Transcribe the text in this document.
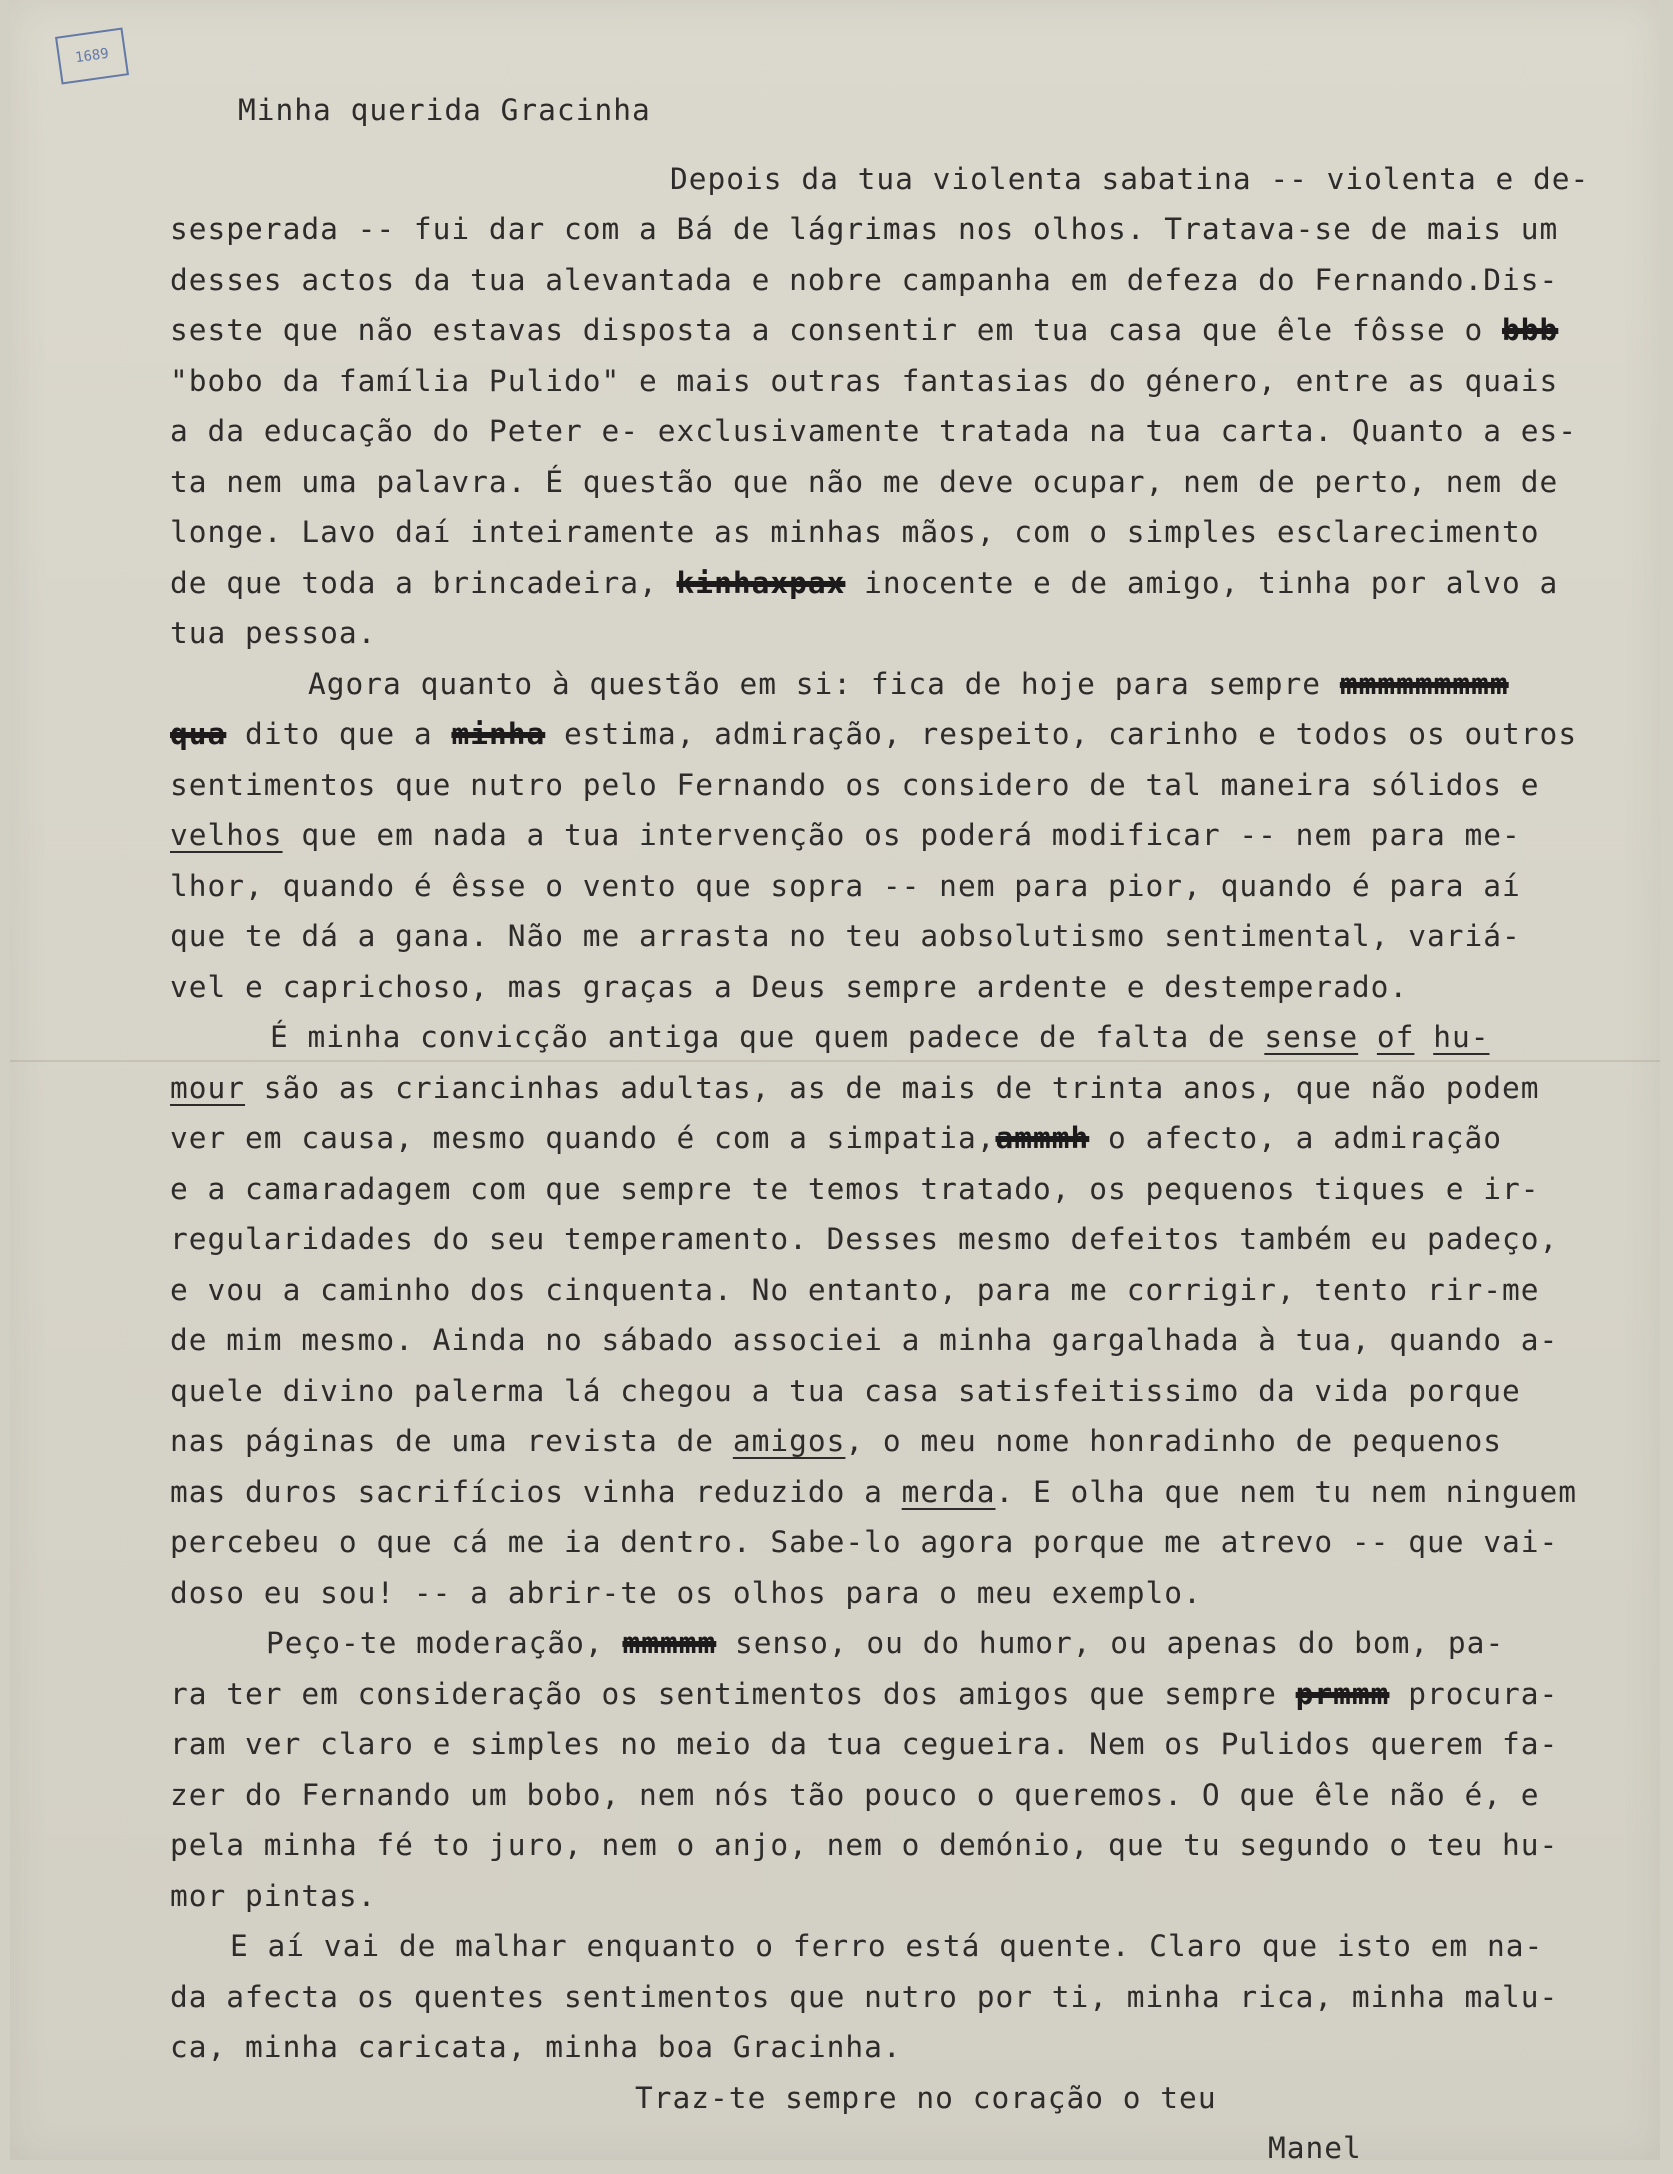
1689
Minha querida Gracinha
Depois da tua violenta sabatina -- violenta e de-
sesperada -- fui dar com a Bá de lágrimas nos olhos. Tratava-se de mais um
desses actos da tua alevantada e nobre campanha em defeza do Fernando.Dis-
seste que não estavas disposta a consentir em tua casa que êle fôsse o bbb
"bobo da família Pulido" e mais outras fantasias do género, entre as quais
a da educação do Peter e- exclusivamente tratada na tua carta. Quanto a es-
ta nem uma palavra. É questão que não me deve ocupar, nem de perto, nem de
longe. Lavo daí inteiramente as minhas mãos, com o simples esclarecimento
de que toda a brincadeira, kinhaxpax inocente e de amigo, tinha por alvo a
tua pessoa.
Agora quanto à questão em si: fica de hoje para sempre mmmmmmmmm
qua dito que a minha estima, admiração, respeito, carinho e todos os outros
sentimentos que nutro pelo Fernando os considero de tal maneira sólidos e
velhos que em nada a tua intervenção os poderá modificar -- nem para me-
lhor, quando é êsse o vento que sopra -- nem para pior, quando é para aí
que te dá a gana. Não me arrasta no teu aobsolutismo sentimental, variá-
vel e caprichoso, mas graças a Deus sempre ardente e destemperado.
É minha convicção antiga que quem padece de falta de sense of hu-
mour são as criancinhas adultas, as de mais de trinta anos, que não podem
ver em causa, mesmo quando é com a simpatia,ammmh o afecto, a admiração
e a camaradagem com que sempre te temos tratado, os pequenos tiques e ir-
regularidades do seu temperamento. Desses mesmo defeitos também eu padeço,
e vou a caminho dos cinquenta. No entanto, para me corrigir, tento rir-me
de mim mesmo. Ainda no sábado associei a minha gargalhada à tua, quando a-
quele divino palerma lá chegou a tua casa satisfeitissimo da vida porque
nas páginas de uma revista de amigos, o meu nome honradinho de pequenos
mas duros sacrifícios vinha reduzido a merda. E olha que nem tu nem ninguem
percebeu o que cá me ia dentro. Sabe-lo agora porque me atrevo -- que vai-
doso eu sou! -- a abrir-te os olhos para o meu exemplo.
Peço-te moderação, mmmmm senso, ou do humor, ou apenas do bom, pa-
ra ter em consideração os sentimentos dos amigos que sempre prmmm procura-
ram ver claro e simples no meio da tua cegueira. Nem os Pulidos querem fa-
zer do Fernando um bobo, nem nós tão pouco o queremos. O que êle não é, e
pela minha fé to juro, nem o anjo, nem o demónio, que tu segundo o teu hu-
mor pintas.
E aí vai de malhar enquanto o ferro está quente. Claro que isto em na-
da afecta os quentes sentimentos que nutro por ti, minha rica, minha malu-
ca, minha caricata, minha boa Gracinha.
Traz-te sempre no coração o teu
Manel
